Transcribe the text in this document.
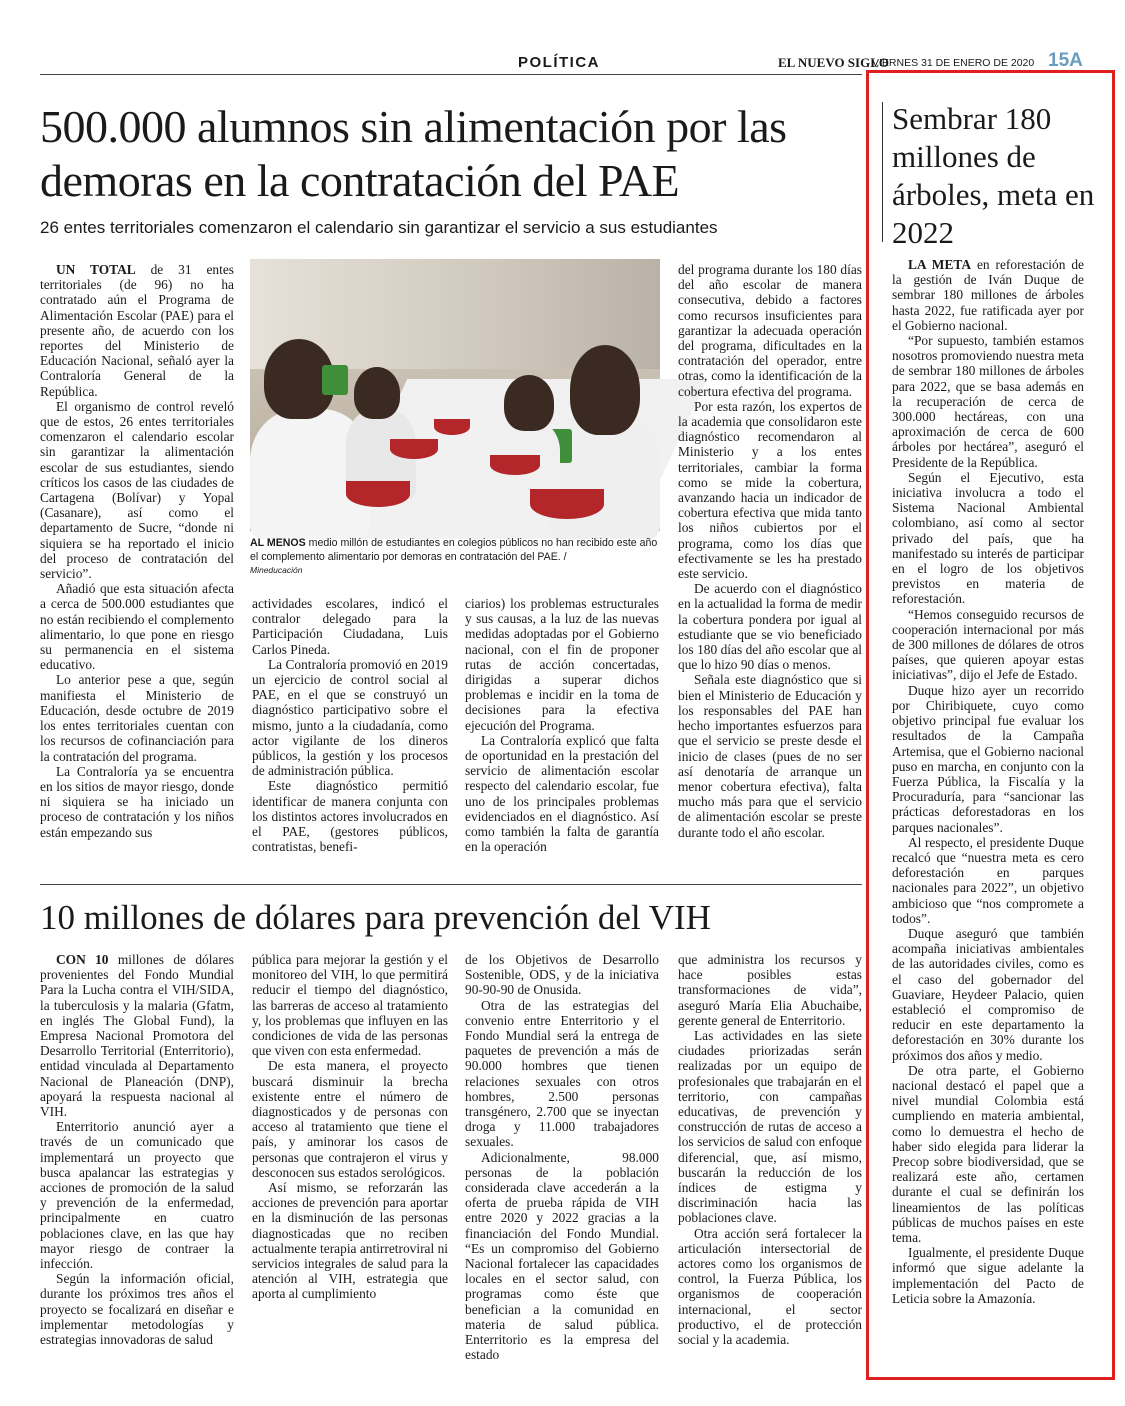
POLÍTICA	EL NUEVO SIGLO
VIERNES 31 DE ENERO DE 2020 15A
500.000 alumnos sin alimentación por las demoras en la contratación del PAE
26 entes territoriales comenzaron el calendario sin garantizar el servicio a sus estudiantes

UN TOTAL de 31 entes territoriales (de 96) no ha contratado aún el Programa de Alimentación Escolar (PAE) para el presente año, de acuerdo con los reportes del Ministerio de Educación Nacional, señaló ayer la Contraloría General de la República.

El organismo de control reveló que de estos, 26 entes territoriales comenzaron el calendario escolar sin garantizar la alimentación escolar de sus estudiantes, siendo críticos los casos de las ciudades de Cartagena (Bolívar) y Yopal (Casanare), así como el departamento de Sucre, “donde ni siquiera se ha reportado el inicio del proceso de contratación del servicio”.

Añadió que esta situación afecta a cerca de 500.000 estudiantes que no están recibiendo el complemento alimentario, lo que pone en riesgo su permanencia en el sistema educativo.

Lo anterior pese a que, según manifiesta el Ministerio de Educación, desde octubre de 2019 los entes territoriales cuentan con los recursos de cofinanciación para la contratación del programa.

La Contraloría ya se encuentra en los sitios de mayor riesgo, donde ni siquiera se ha iniciado un proceso de contratación y los niños están empezando sus

AL MENOS medio millón de estudiantes en colegios públicos no han recibido este año el complemento alimentario por demoras en contratación del PAE. /
Mineducación

actividades escolares, indicó el contralor delegado para la Participación Ciudadana, Luis Carlos Pineda.

La Contraloría promovió en 2019 un ejercicio de control social al PAE, en el que se construyó un diagnóstico participativo sobre el mismo, junto a la ciudadanía, como actor vigilante de los dineros públicos, la gestión y los procesos de administración pública.

Este diagnóstico permitió identificar de manera conjunta con los distintos actores involucrados en el PAE, (gestores públicos, contratistas, benefi-

ciarios) los problemas estructurales y sus causas, a la luz de las nuevas medidas adoptadas por el Gobierno nacional, con el fin de proponer rutas de acción concertadas, dirigidas a superar dichos problemas e incidir en la toma de decisiones para la efectiva ejecución del Programa.

La Contraloría explicó que falta de oportunidad en la prestación del servicio de alimentación escolar respecto del calendario escolar, fue uno de los principales problemas evidenciados en el diagnóstico. Así como también la falta de garantía en la operación

del programa durante los 180 días del año escolar de manera consecutiva, debido a factores como recursos insuficientes para garantizar la adecuada operación del programa, dificultades en la contratación del operador, entre otras, como la identificación de la cobertura efectiva del programa.

Por esta razón, los expertos de la academia que consolidaron este diagnóstico recomendaron al Ministerio y a los entes territoriales, cambiar la forma como se mide la cobertura, avanzando hacia un indicador de cobertura efectiva que mida tanto los niños cubiertos por el programa, como los días que efectivamente se les ha prestado este servicio.

De acuerdo con el diagnóstico en la actualidad la forma de medir la cobertura pondera por igual al estudiante que se vio beneficiado los 180 días del año escolar que al que lo hizo 90 días o menos.

Señala este diagnóstico que si bien el Ministerio de Educación y los responsables del PAE han hecho importantes esfuerzos para que el servicio se preste desde el inicio de clases (pues de no ser así denotaría de arranque un menor cobertura efectiva), falta mucho más para que el servicio de alimentación escolar se preste durante todo el año escolar.

10 millones de dólares para prevención del VIH

CON 10 millones de dólares provenientes del Fondo Mundial Para la Lucha contra el VIH/SIDA, la tuberculosis y la malaria (Gfatm, en inglés The Global Fund), la Empresa Nacional Promotora del Desarrollo Territorial (Enterritorio), entidad vinculada al Departamento Nacional de Planeación (DNP), apoyará la respuesta nacional al VIH.

Enterritorio anunció ayer a través de un comunicado que implementará un proyecto que busca apalancar las estrategias y acciones de promoción de la salud y prevención de la enfermedad, principalmente en cuatro poblaciones clave, en las que hay mayor riesgo de contraer la infección.

Según la información oficial, durante los próximos tres años el proyecto se focalizará en diseñar e implementar metodologías y estrategias innovadoras de salud

pública para mejorar la gestión y el monitoreo del VIH, lo que permitirá reducir el tiempo del diagnóstico, las barreras de acceso al tratamiento y, los problemas que influyen en las condiciones de vida de las personas que viven con esta enfermedad.

De esta manera, el proyecto buscará disminuir la brecha existente entre el número de diagnosticados y de personas con acceso al tratamiento que tiene el país, y aminorar los casos de personas que contrajeron el virus y desconocen sus estados serológicos.

Así mismo, se reforzarán las acciones de prevención para aportar en la disminución de las personas diagnosticadas que no reciben actualmente terapia antirretroviral ni servicios integrales de salud para la atención al VIH, estrategia que aporta al cumplimiento

de los Objetivos de Desarrollo Sostenible, ODS, y de la iniciativa 90-90-90 de Onusida.

Otra de las estrategias del convenio entre Enterritorio y el Fondo Mundial será la entrega de paquetes de prevención a más de 90.000 hombres que tienen relaciones sexuales con otros hombres, 2.500 personas transgénero, 2.700 que se inyectan droga y 11.000 trabajadores sexuales.

Adicionalmente, 98.000 personas de la población considerada clave accederán a la oferta de prueba rápida de VIH entre 2020 y 2022 gracias a la financiación del Fondo Mundial. “Es un compromiso del Gobierno Nacional fortalecer las capacidades locales en el sector salud, con programas como éste que benefician a la comunidad en materia de salud pública. Enterritorio es la empresa del estado

que administra los recursos y hace posibles estas transformaciones de vida”, aseguró María Elia Abuchaibe, gerente general de Enterritorio.

Las actividades en las siete ciudades priorizadas serán realizadas por un equipo de profesionales que trabajarán en el territorio, con campañas educativas, de prevención y construcción de rutas de acceso a los servicios de salud con enfoque diferencial, que, así mismo, buscarán la reducción de los índices de estigma y discriminación hacia las poblaciones clave.

Otra acción será fortalecer la articulación intersectorial de actores como los organismos de control, la Fuerza Pública, los organismos de cooperación internacional, el sector productivo, el de protección social y la academia.

Sembrar 180 millones de árboles, meta en 2022

LA META en reforestación de la gestión de Iván Duque de sembrar 180 millones de árboles hasta 2022, fue ratificada ayer por el Gobierno nacional.

“Por supuesto, también estamos nosotros promoviendo nuestra meta de sembrar 180 millones de árboles para 2022, que se basa además en la recuperación de cerca de 300.000 hectáreas, con una aproximación de cerca de 600 árboles por hectárea”, aseguró el Presidente de la República.

Según el Ejecutivo, esta iniciativa involucra a todo el Sistema Nacional Ambiental colombiano, así como al sector privado del país, que ha manifestado su interés de participar en el logro de los objetivos previstos en materia de reforestación.

“Hemos conseguido recursos de cooperación internacional por más de 300 millones de dólares de otros países, que quieren apoyar estas iniciativas”, dijo el Jefe de Estado.

Duque hizo ayer un recorrido por Chiribiquete, cuyo como objetivo principal fue evaluar los resultados de la Campaña Artemisa, que el Gobierno nacional puso en marcha, en conjunto con la Fuerza Pública, la Fiscalía y la Procuraduría, para “sancionar las prácticas deforestadoras en los parques nacionales”.

Al respecto, el presidente Duque recalcó que “nuestra meta es cero deforestación en parques nacionales para 2022”, un objetivo ambicioso que “nos compromete a todos”.

Duque aseguró que también acompaña iniciativas ambientales de las autoridades civiles, como es el caso del gobernador del Guaviare, Heydeer Palacio, quien estableció el compromiso de reducir en este departamento la deforestación en 30% durante los próximos dos años y medio.

De otra parte, el Gobierno nacional destacó el papel que a nivel mundial Colombia está cumpliendo en materia ambiental, como lo demuestra el hecho de haber sido elegida para liderar la Precop sobre biodiversidad, que se realizará este año, certamen durante el cual se definirán los lineamientos de las políticas públicas de muchos países en este tema.

Igualmente, el presidente Duque informó que sigue adelante la implementación del Pacto de Leticia sobre la Amazonía.
